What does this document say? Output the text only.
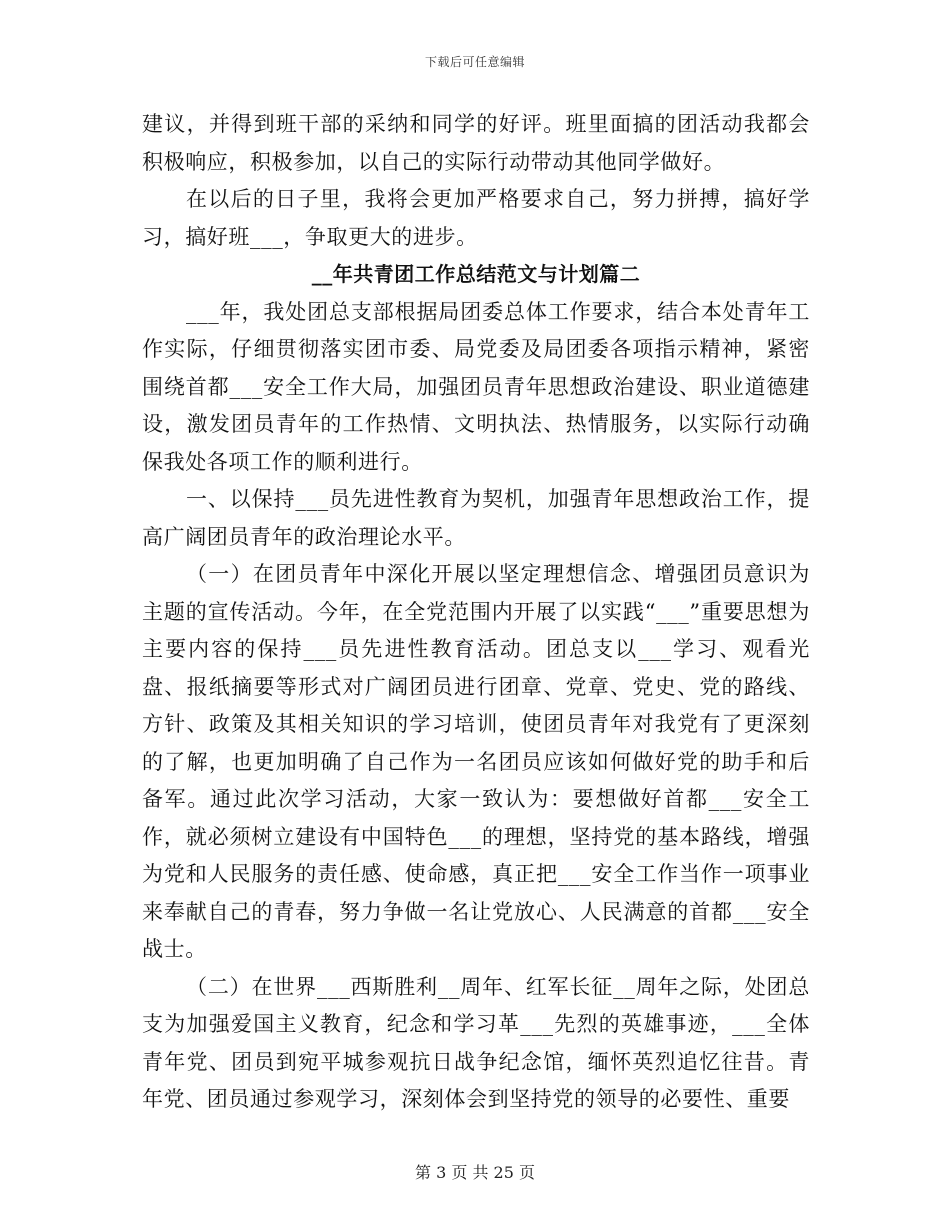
下载后可任意编辑

建议，并得到班干部的采纳和同学的好评。班里面搞的团活动我都会积极响应，积极参加，以自己的实际行动带动其他同学做好。

在以后的日子里，我将会更加严格要求自己，努力拼搏，搞好学习，搞好班___，争取更大的进步。

__年共青团工作总结范文与计划篇二

___年，我处团总支部根据局团委总体工作要求，结合本处青年工作实际，仔细贯彻落实团市委、局党委及局团委各项指示精神，紧密围绕首都___安全工作大局，加强团员青年思想政治建设、职业道德建设，激发团员青年的工作热情、文明执法、热情服务，以实际行动确保我处各项工作的顺利进行。

一、以保持___员先进性教育为契机，加强青年思想政治工作，提高广阔团员青年的政治理论水平。

（一）在团员青年中深化开展以坚定理想信念、增强团员意识为主题的宣传活动。今年，在全党范围内开展了以实践“___”重要思想为主要内容的保持___员先进性教育活动。团总支以___学习、观看光盘、报纸摘要等形式对广阔团员进行团章、党章、党史、党的路线、方针、政策及其相关知识的学习培训，使团员青年对我党有了更深刻的了解，也更加明确了自己作为一名团员应该如何做好党的助手和后备军。通过此次学习活动，大家一致认为：要想做好首都___安全工作，就必须树立建设有中国特色___的理想，坚持党的基本路线，增强为党和人民服务的责任感、使命感，真正把___安全工作当作一项事业来奉献自己的青春，努力争做一名让党放心、人民满意的首都___安全战士。

（二）在世界___西斯胜利__周年、红军长征__周年之际，处团总支为加强爱国主义教育，纪念和学习革___先烈的英雄事迹，___全体青年党、团员到宛平城参观抗日战争纪念馆，缅怀英烈追忆往昔。青年党、团员通过参观学习，深刻体会到坚持党的领导的必要性、重要

第 3 页 共 25 页
